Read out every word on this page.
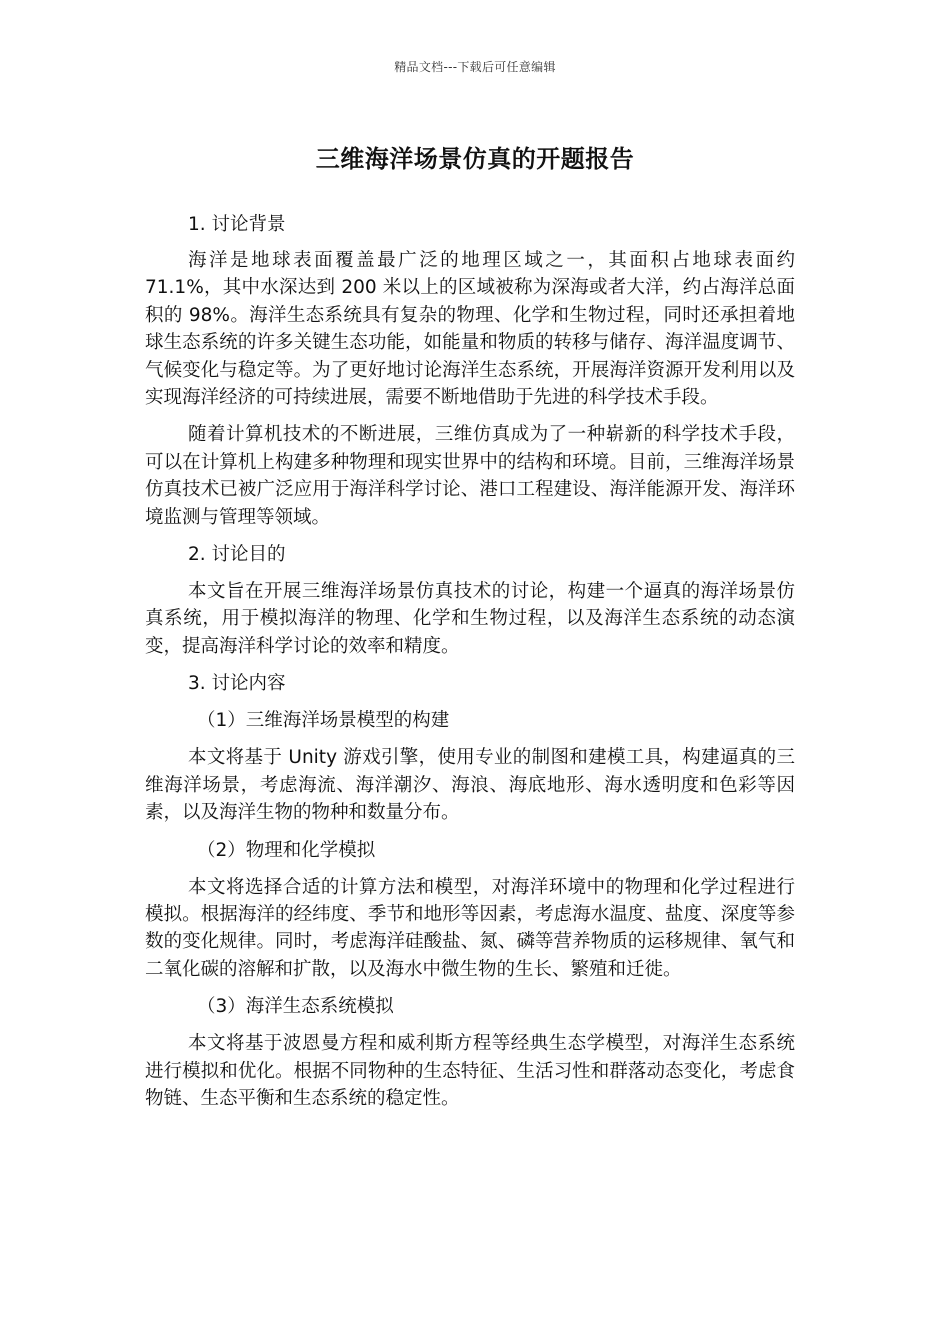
精品文档---下载后可任意编辑
三维海洋场景仿真的开题报告

1. 讨论背景

海洋是地球表面覆盖最广泛的地理区域之一，其面积占地球表面约 71.1%，其中水深达到 200 米以上的区域被称为深海或者大洋，约占海洋总面积的 98%。海洋生态系统具有复杂的物理、化学和生物过程，同时还承担着地球生态系统的许多关键生态功能，如能量和物质的转移与储存、海洋温度调节、气候变化与稳定等。为了更好地讨论海洋生态系统，开展海洋资源开发利用以及实现海洋经济的可持续进展，需要不断地借助于先进的科学技术手段。

随着计算机技术的不断进展，三维仿真成为了一种崭新的科学技术手段，可以在计算机上构建多种物理和现实世界中的结构和环境。目前，三维海洋场景仿真技术已被广泛应用于海洋科学讨论、港口工程建设、海洋能源开发、海洋环境监测与管理等领域。

2. 讨论目的

本文旨在开展三维海洋场景仿真技术的讨论，构建一个逼真的海洋场景仿真系统，用于模拟海洋的物理、化学和生物过程，以及海洋生态系统的动态演变，提高海洋科学讨论的效率和精度。

3. 讨论内容

（1）三维海洋场景模型的构建

本文将基于 Unity 游戏引擎，使用专业的制图和建模工具，构建逼真的三维海洋场景，考虑海流、海洋潮汐、海浪、海底地形、海水透明度和色彩等因素，以及海洋生物的物种和数量分布。

（2）物理和化学模拟

本文将选择合适的计算方法和模型，对海洋环境中的物理和化学过程进行模拟。根据海洋的经纬度、季节和地形等因素，考虑海水温度、盐度、深度等参数的变化规律。同时，考虑海洋硅酸盐、氮、磷等营养物质的运移规律、氧气和二氧化碳的溶解和扩散，以及海水中微生物的生长、繁殖和迁徙。

（3）海洋生态系统模拟

本文将基于波恩曼方程和威利斯方程等经典生态学模型，对海洋生态系统进行模拟和优化。根据不同物种的生态特征、生活习性和群落动态变化，考虑食物链、生态平衡和生态系统的稳定性。
